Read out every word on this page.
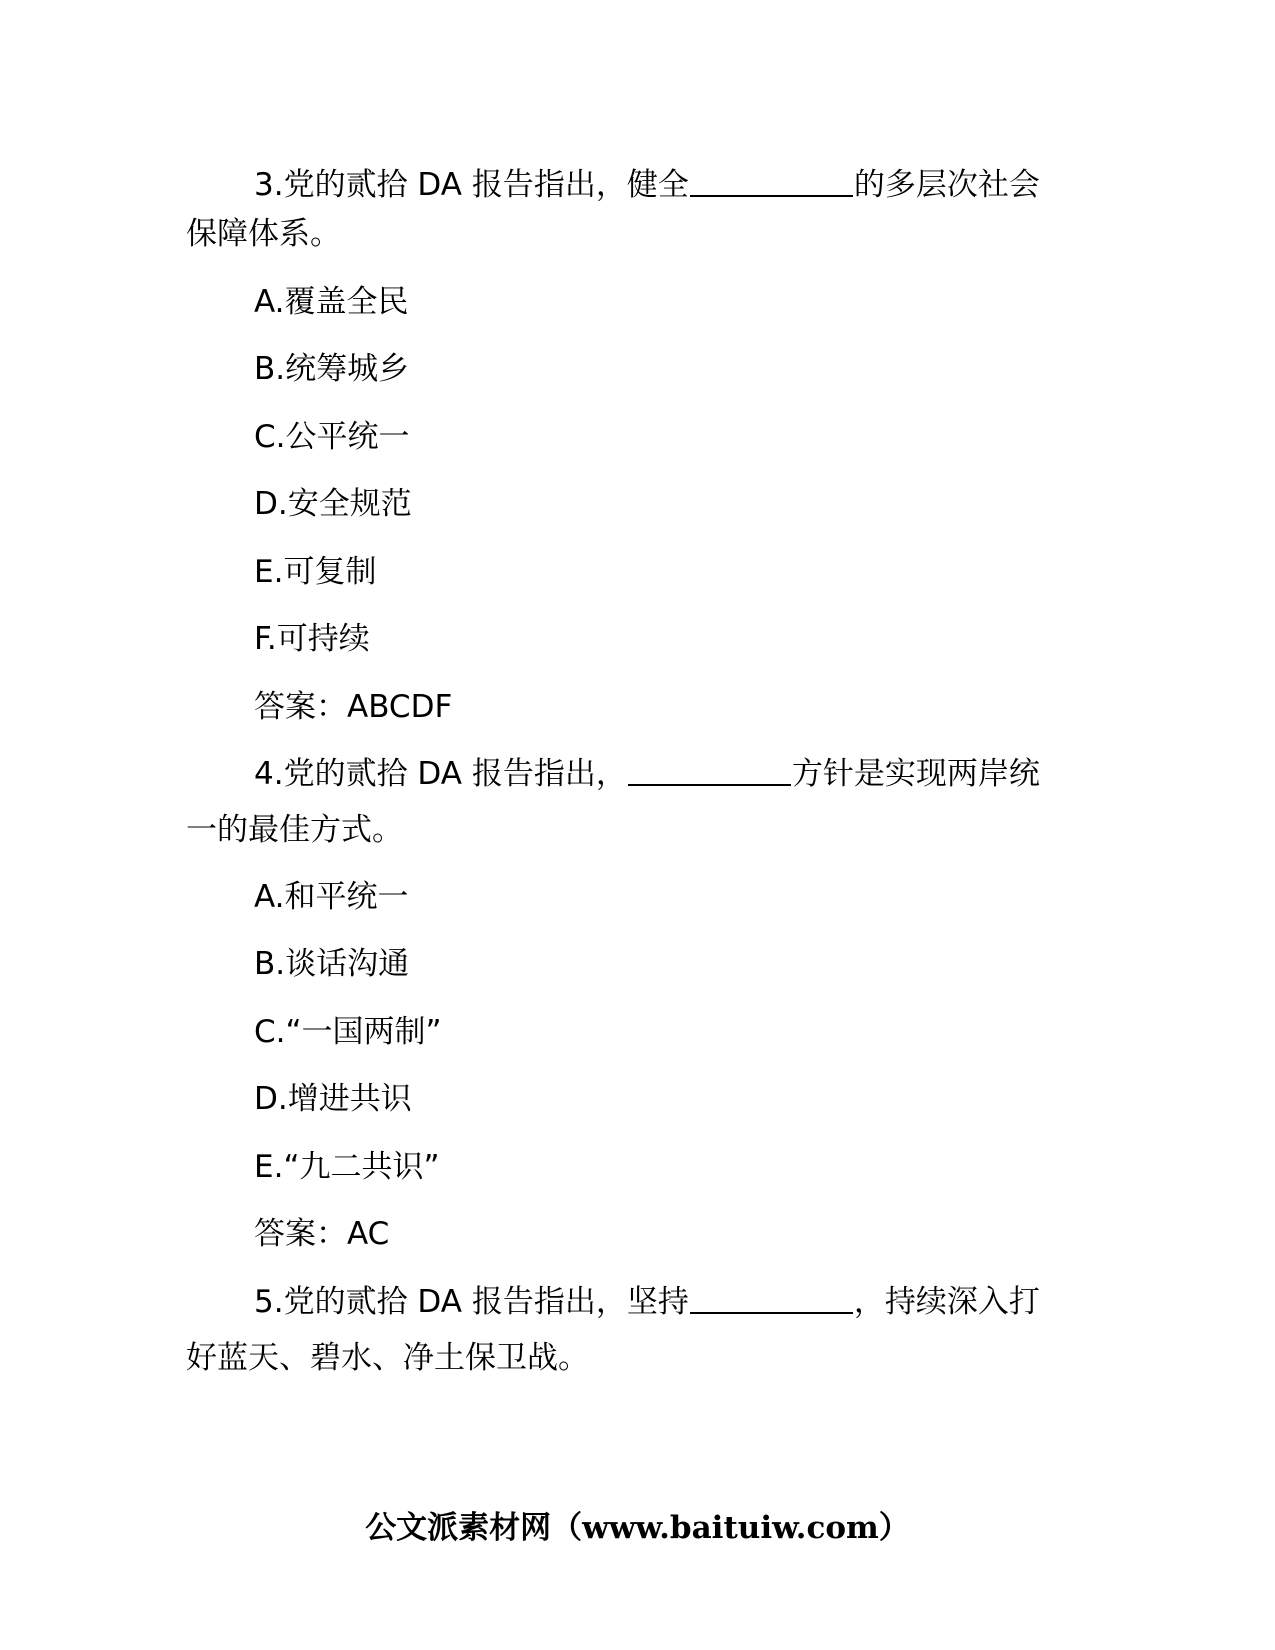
3.党的贰拾 DA 报告指出，健全	的多层次社会
保障体系。
A.覆盖全民
B.统筹城乡
C.公平统一
D.安全规范
E.可复制
F.可持续
答案：ABCDF
4.党的贰拾 DA 报告指出，	方针是实现两岸统
一的最佳方式。
A.和平统一
B.谈话沟通
C.“一国两制”
D.增进共识
E.“九二共识”
答案：AC
5.党的贰拾 DA 报告指出，坚持	，持续深入打
好蓝天、碧水、净土保卫战。
公文派素材网（www.baituiw.com）
